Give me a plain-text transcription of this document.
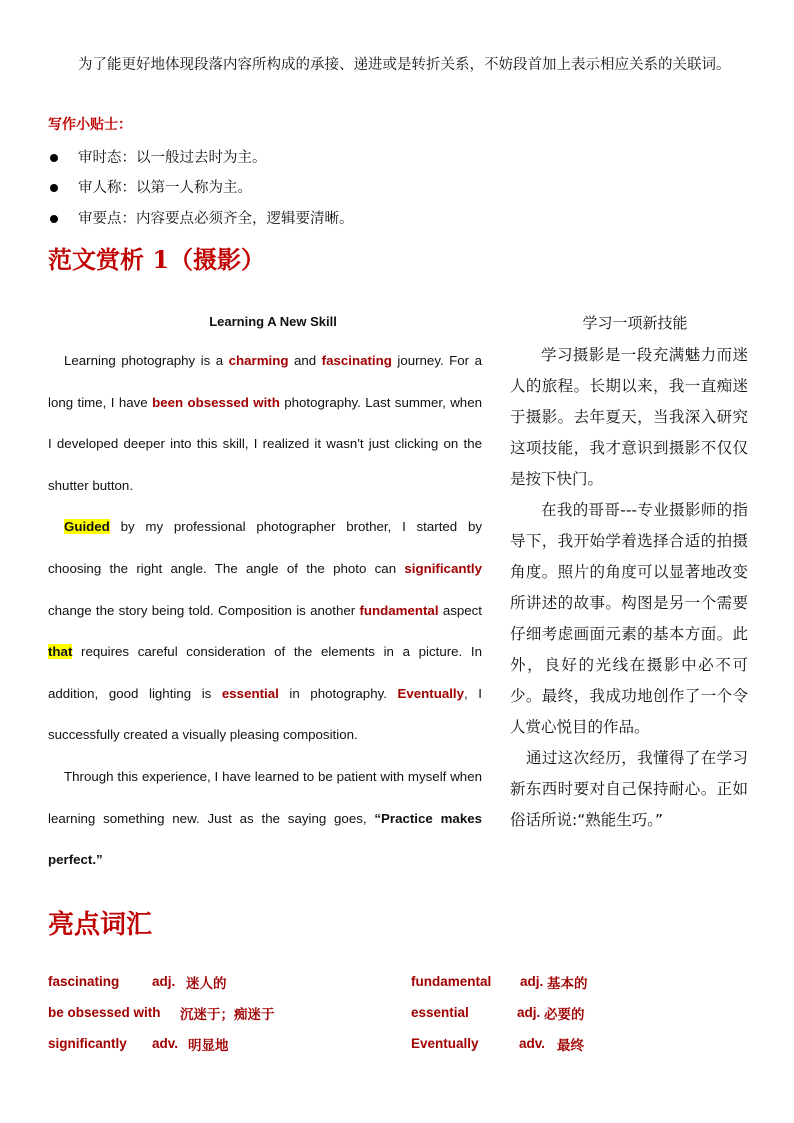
为了能更好地体现段落内容所构成的承接、递进或是转折关系，不妨段首加上表示相应关系的关联词。
写作小贴士：
审时态：以一般过去时为主。
审人称：以第一人称为主。
审要点：内容要点必须齐全，逻辑要清晰。
范文赏析 1（摄影）
Learning A New Skill

Learning photography is a charming and fascinating journey. For a long time, I have been obsessed with photography. Last summer, when I developed deeper into this skill, I realized it wasn't just clicking on the shutter button.

Guided by my professional photographer brother, I started by choosing the right angle. The angle of the photo can significantly change the story being told. Composition is another fundamental aspect that requires careful consideration of the elements in a picture. In addition, good lighting is essential in photography. Eventually, I successfully created a visually pleasing composition.

Through this experience, I have learned to be patient with myself when learning something new. Just as the saying goes, “Practice makes perfect.”

学习一项新技能

学习摄影是一段充满魅力而迷人的旅程。长期以来，我一直痴迷于摄影。去年夏天，当我深入研究这项技能，我才意识到摄影不仅仅是按下快门。

在我的哥哥---专业摄影师的指导下，我开始学着选择合适的拍摄角度。照片的角度可以显著地改变所讲述的故事。构图是另一个需要仔细考虑画面元素的基本方面。此外，良好的光线在摄影中必不可少。最终，我成功地创作了一个令人赏心悦目的作品。

通过这次经历，我懂得了在学习新东西时要对自己保持耐心。正如俗话所说:“熟能生巧。”

亮点词汇
fascinating adj. 迷人的	fundamental adj. 基本的
be obsessed with 沉迷于；痴迷于	essential	adj. 必要的
significantly adv. 明显地	Eventually	adv. 最终
